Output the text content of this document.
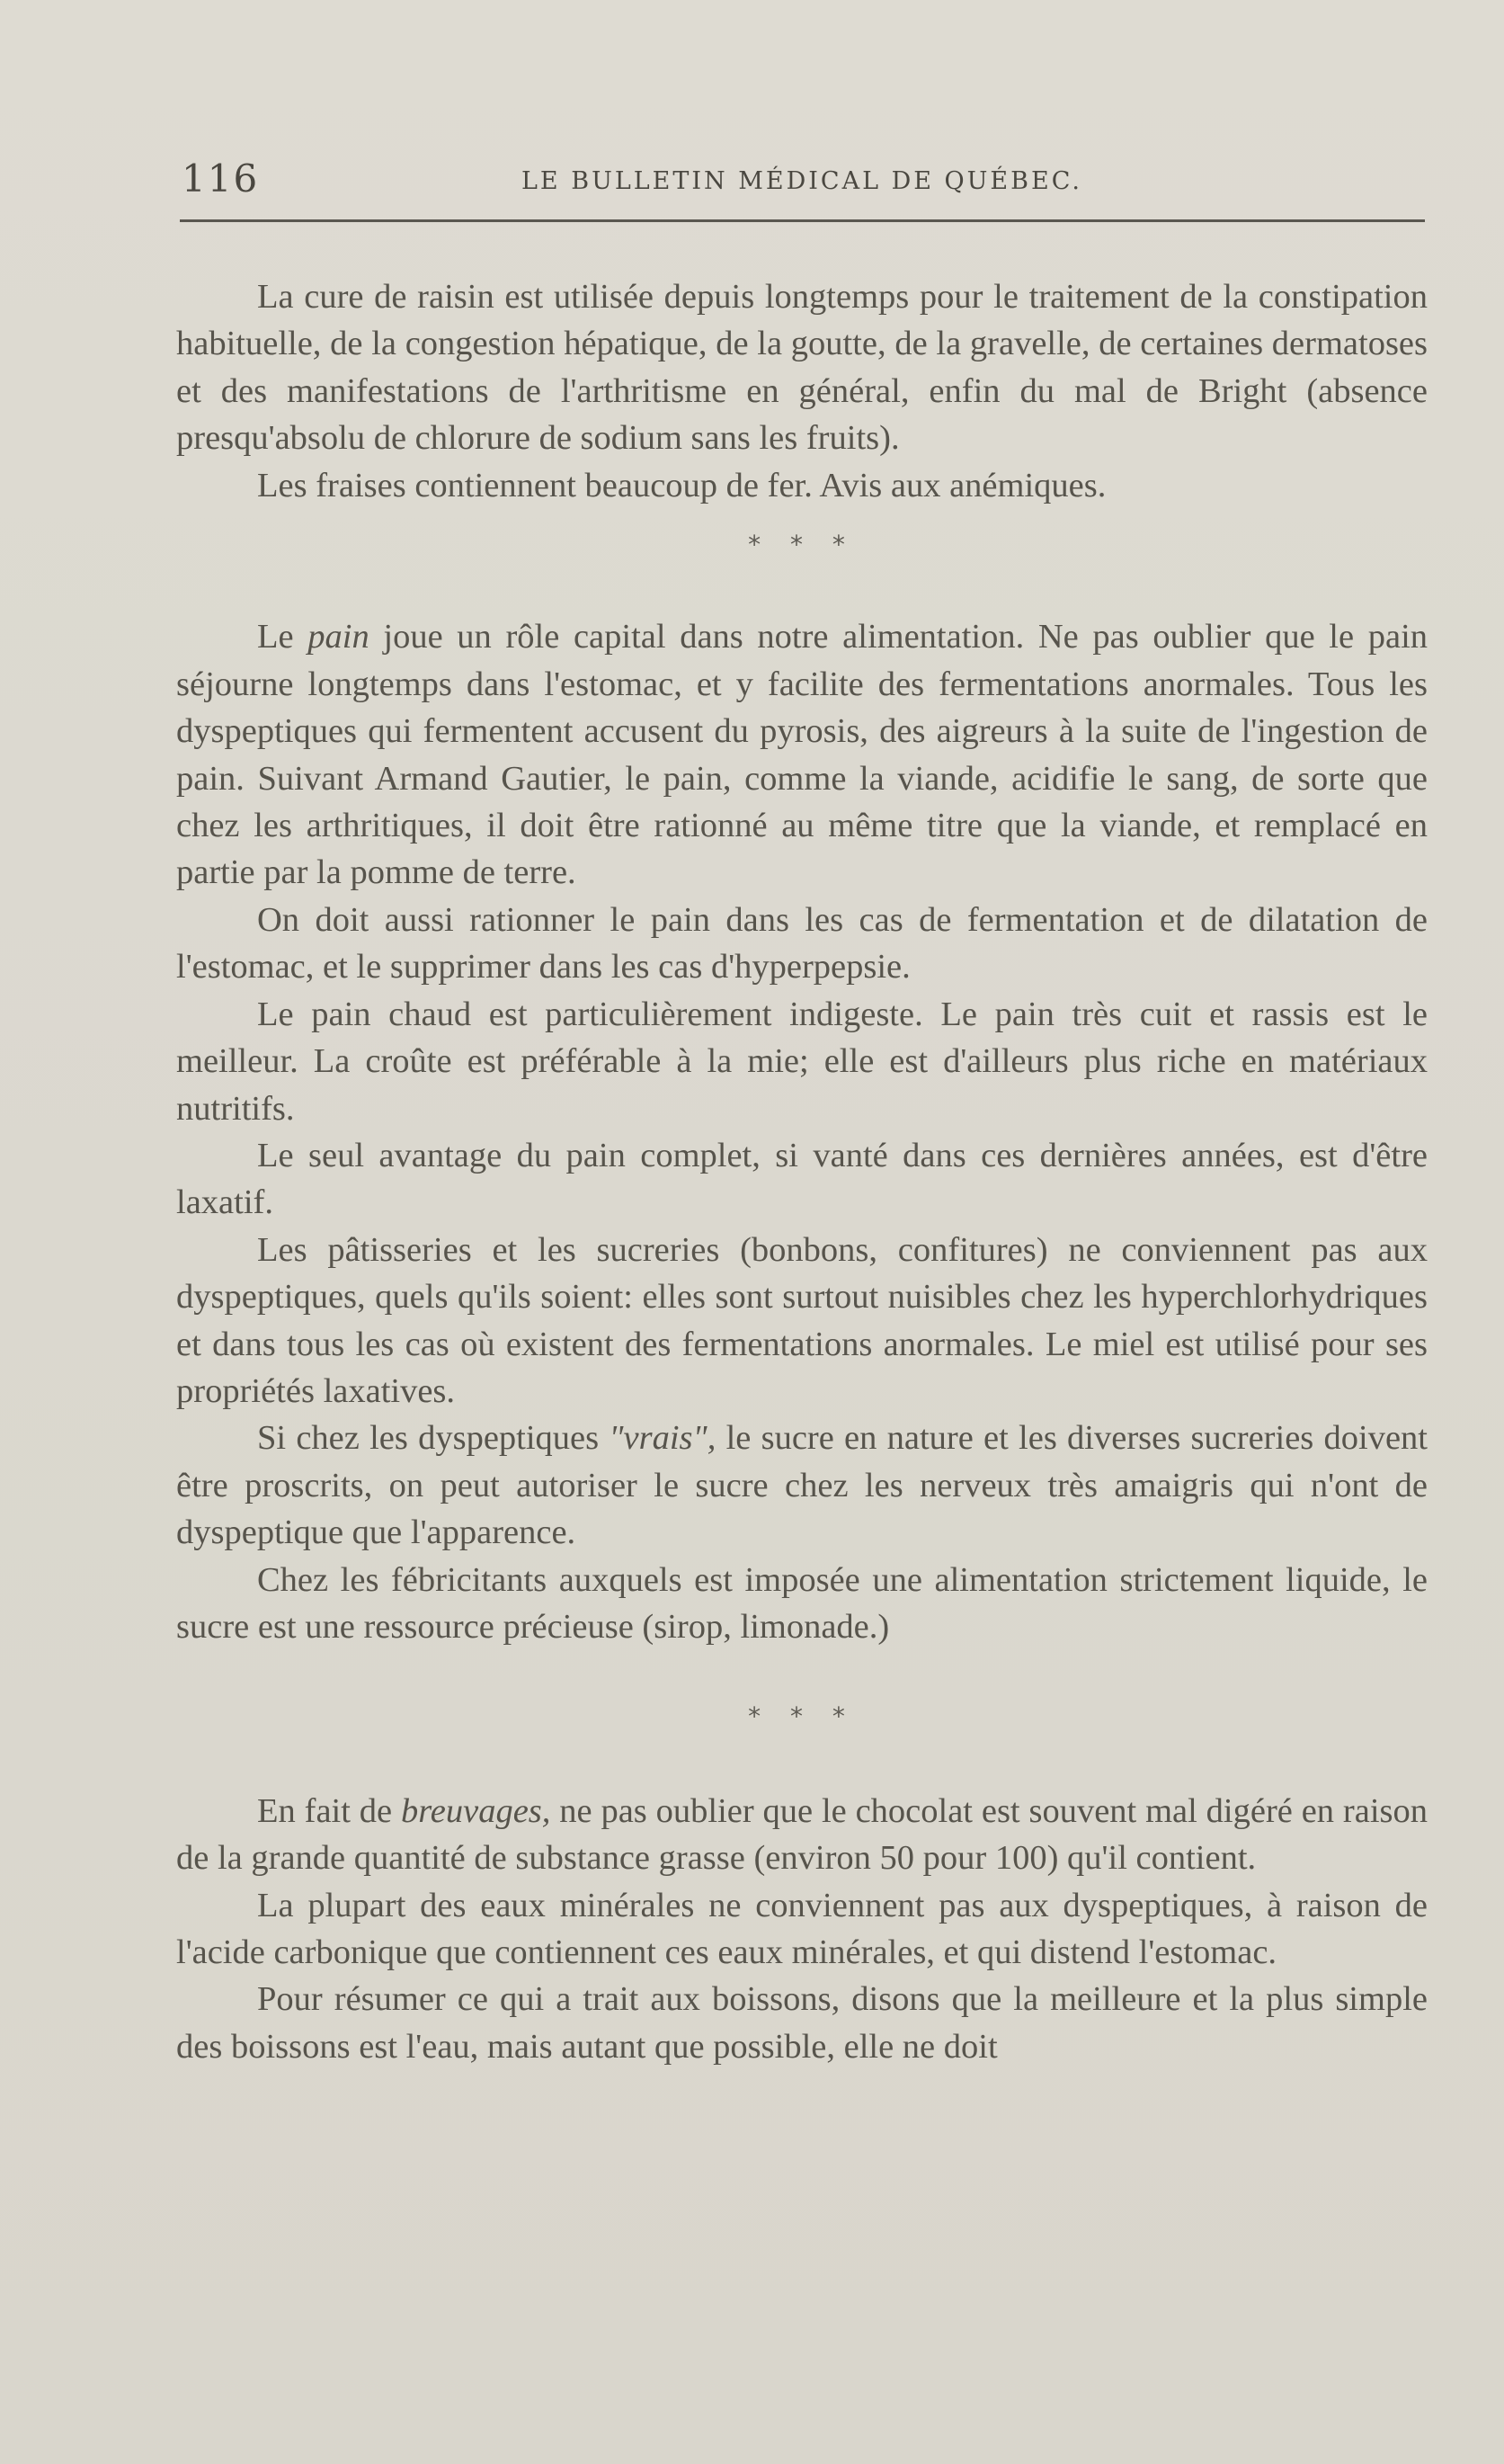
116	LE BULLETIN MÉDICAL DE QUÉBEC.

La cure de raisin est utilisée depuis longtemps pour le traitement de la constipation habituelle, de la congestion hépatique, de la goutte, de la gravelle, de certaines dermatoses et des manifestations de l'arthritisme en général, enfin du mal de Bright (absence presqu'absolu de chlorure de sodium sans les fruits).

Les fraises contiennent beaucoup de fer. Avis aux anémiques.

* * *

Le pain joue un rôle capital dans notre alimentation. Ne pas oublier que le pain séjourne longtemps dans l'estomac, et y facilite des fermentations anormales. Tous les dyspeptiques qui fermentent accusent du pyrosis, des aigreurs à la suite de l'ingestion de pain. Suivant Armand Gautier, le pain, comme la viande, acidifie le sang, de sorte que chez les arthritiques, il doit être rationné au même titre que la viande, et remplacé en partie par la pomme de terre.

On doit aussi rationner le pain dans les cas de fermentation et de dilatation de l'estomac, et le supprimer dans les cas d'hyperpepsie.

Le pain chaud est particulièrement indigeste. Le pain très cuit et rassis est le meilleur. La croûte est préférable à la mie; elle est d'ailleurs plus riche en matériaux nutritifs.

Le seul avantage du pain complet, si vanté dans ces dernières années, est d'être laxatif.

Les pâtisseries et les sucreries (bonbons, confitures) ne conviennent pas aux dyspeptiques, quels qu'ils soient: elles sont surtout nuisibles chez les hyperchlorhydriques et dans tous les cas où existent des fermentations anormales. Le miel est utilisé pour ses propriétés laxatives.

Si chez les dyspeptiques "vrais", le sucre en nature et les diverses sucreries doivent être proscrits, on peut autoriser le sucre chez les nerveux très amaigris qui n'ont de dyspeptique que l'apparence.

Chez les fébricitants auxquels est imposée une alimentation strictement liquide, le sucre est une ressource précieuse (sirop, limonade.)

* * *

En fait de breuvages, ne pas oublier que le chocolat est souvent mal digéré en raison de la grande quantité de substance grasse (environ 50 pour 100) qu'il contient.

La plupart des eaux minérales ne conviennent pas aux dyspeptiques, à raison de l'acide carbonique que contiennent ces eaux minérales, et qui distend l'estomac.

Pour résumer ce qui a trait aux boissons, disons que la meilleure et la plus simple des boissons est l'eau, mais autant que possible, elle ne doit
